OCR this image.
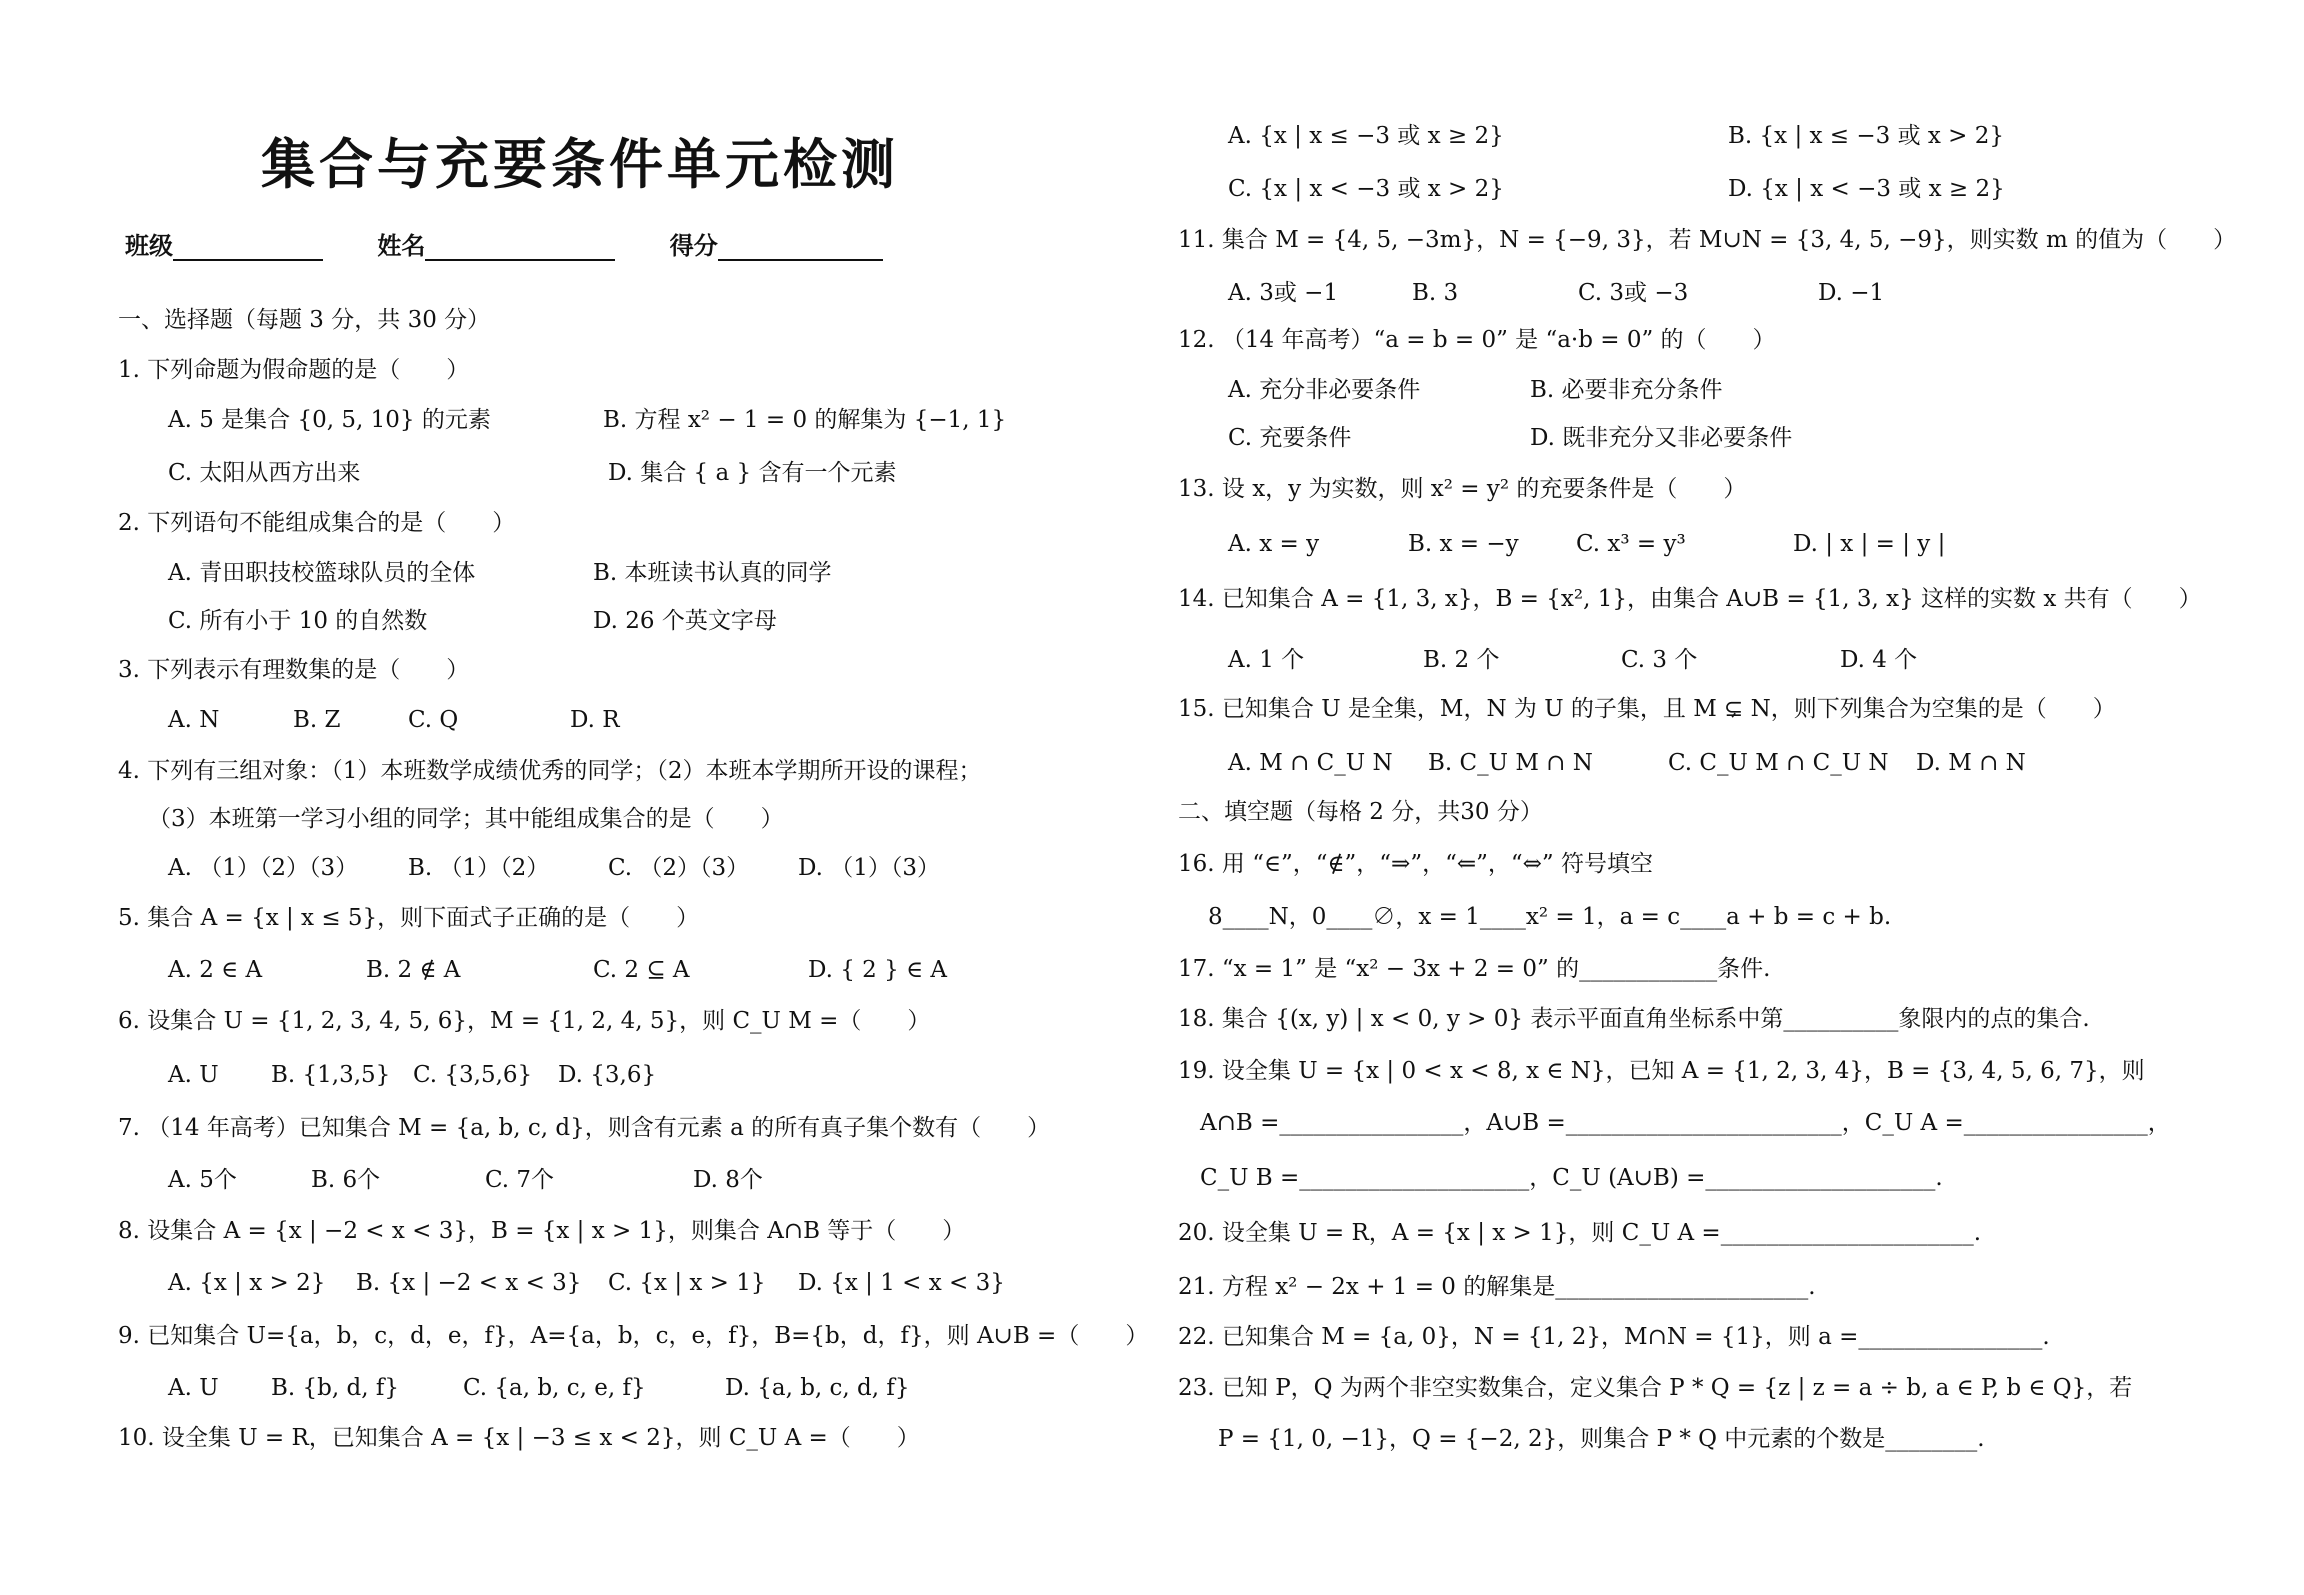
集合与充要条件单元检测
班级	姓名	得分
一、选择题（每题 3 分，共 30 分）
1. 下列命题为假命题的是（　　）
A. 5 是集合 {0, 5, 10} 的元素	B. 方程 x² − 1 = 0 的解集为 {−1, 1}
C. 太阳从西方出来	D. 集合 { a } 含有一个元素
2. 下列语句不能组成集合的是（　　）
A. 青田职技校篮球队员的全体	B. 本班读书认真的同学
C. 所有小于 10 的自然数	D. 26 个英文字母
3. 下列表示有理数集的是（　　）
A. N	B. Z	C. Q	D. R
4. 下列有三组对象：（1）本班数学成绩优秀的同学；（2）本班本学期所开设的课程；
（3）本班第一学习小组的同学；其中能组成集合的是（　　）
A. （1）（2）（3） B. （1）（2）	C. （2）（3） D. （1）（3）
5. 集合 A = {x | x ≤ 5}，则下面式子正确的是（　　）
A. 2 ∈ A	B. 2 ∉ A	C. 2 ⊆ A	D. { 2 } ∈ A
6. 设集合 U = {1, 2, 3, 4, 5, 6}，M = {1, 2, 4, 5}，则 C_U M =（　　）
A. U B. {1,3,5} C. {3,5,6} D. {3,6}
7. （14 年高考）已知集合 M = {a, b, c, d}，则含有元素 a 的所有真子集个数有（　　）
A. 5个	B. 6个	C. 7个	D. 8个
8. 设集合 A = {x | −2 < x < 3}，B = {x | x > 1}，则集合 A∩B 等于（　　）
A. {x | x > 2} B. {x | −2 < x < 3} C. {x | x > 1} D. {x | 1 < x < 3}
9. 已知集合 U={a，b，c，d，e，f}，A={a，b，c，e，f}，B={b，d，f}，则 A∪B =（　　）
A. U B. {b, d, f}	C. {a, b, c, e, f}	D. {a, b, c, d, f}
10. 设全集 U = R，已知集合 A = {x | −3 ≤ x < 2}，则 C_U A =（　　）
A. {x | x ≤ −3 或 x ≥ 2}	B. {x | x ≤ −3 或 x > 2}
C. {x | x < −3 或 x > 2}	D. {x | x < −3 或 x ≥ 2}
11. 集合 M = {4, 5, −3m}，N = {−9, 3}，若 M∪N = {3, 4, 5, −9}，则实数 m 的值为（　　）
A. 3或 −1	B. 3	C. 3或 −3	D. −1
12. （14 年高考）“a = b = 0” 是 “a·b = 0” 的（　　）
A. 充分非必要条件	B. 必要非充分条件
C. 充要条件	D. 既非充分又非必要条件
13. 设 x，y 为实数，则 x² = y² 的充要条件是（　　）
A. x = y	B. x = −y C. x³ = y³	D. | x | = | y |
14. 已知集合 A = {1, 3, x}，B = {x², 1}，由集合 A∪B = {1, 3, x} 这样的实数 x 共有（　　）
A. 1 个	B. 2 个	C. 3 个	D. 4 个
15. 已知集合 U 是全集，M，N 为 U 的子集，且 M ⊊ N，则下列集合为空集的是（　　）
A. M ∩ C_U N B. C_U M ∩ N	C. C_U M ∩ C_U N D. M ∩ N
二、填空题（每格 2 分，共30 分）
16. 用 “∈”，“∉”，“⇒”，“⇐”，“⇔” 符号填空
8____N，0____∅，x = 1____x² = 1，a = c____a + b = c + b.
17. “x = 1” 是 “x² − 3x + 2 = 0” 的____________条件.
18. 集合 {(x, y) | x < 0, y > 0} 表示平面直角坐标系中第__________象限内的点的集合.
19. 设全集 U = {x | 0 < x < 8, x ∈ N}，已知 A = {1, 2, 3, 4}，B = {3, 4, 5, 6, 7}，则
A∩B =________________，A∪B =________________________，C_U A =________________，
C_U B =____________________，C_U (A∪B) =____________________.
20. 设全集 U = R，A = {x | x > 1}，则 C_U A =______________________.
21. 方程 x² − 2x + 1 = 0 的解集是______________________.
22. 已知集合 M = {a, 0}，N = {1, 2}，M∩N = {1}，则 a =________________.
23. 已知 P，Q 为两个非空实数集合，定义集合 P * Q = {z | z = a ÷ b, a ∈ P, b ∈ Q}，若
P = {1, 0, −1}，Q = {−2, 2}，则集合 P * Q 中元素的个数是________.
